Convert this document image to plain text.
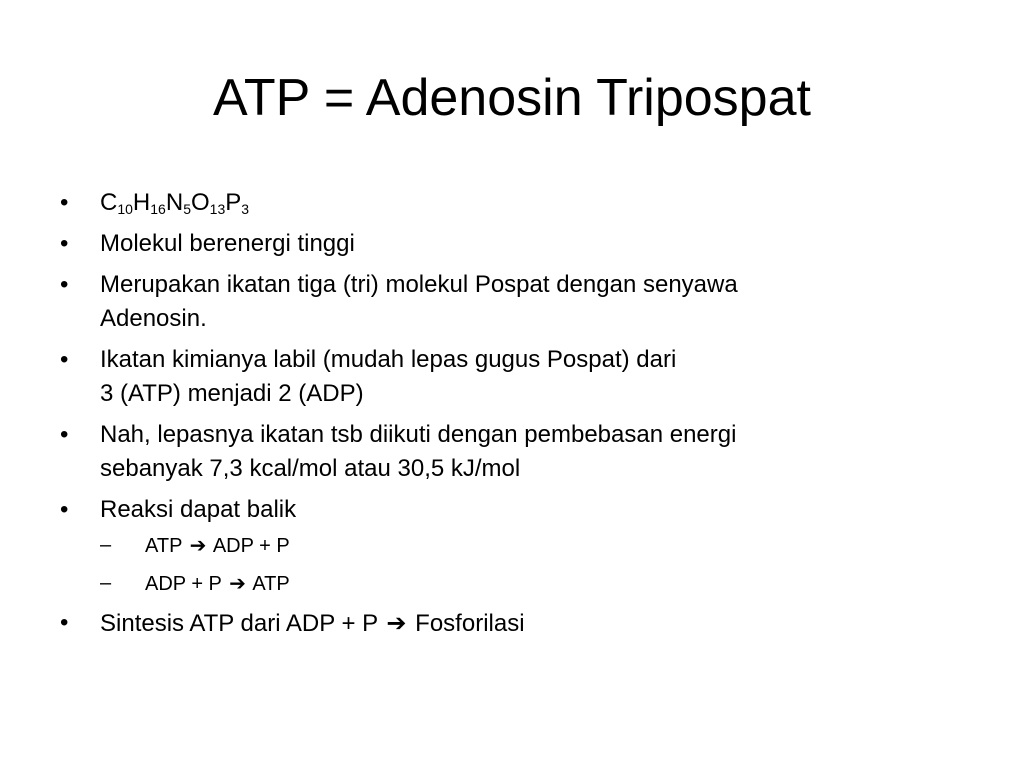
ATP = Adenosin Tripospat
•	$C_{10}H_{16}N_5O_{13}P_3$
•	Molekul berenergi tinggi
•	Merupakan ikatan tiga (tri) molekul Pospat dengan senyawa
Adenosin.
•	Ikatan kimianya labil (mudah lepas gugus Pospat) dari
3 (ATP) menjadi 2 (ADP)
•	Nah, lepasnya ikatan tsb diikuti dengan pembebasan energi
sebanyak 7,3 kcal/mol atau 30,5 kJ/mol
•	Reaksi dapat balik
– ATP ➔ ADP + P
– ADP + P ➔ ATP
•	Sintesis ATP dari ADP + P ➔ Fosforilasi
